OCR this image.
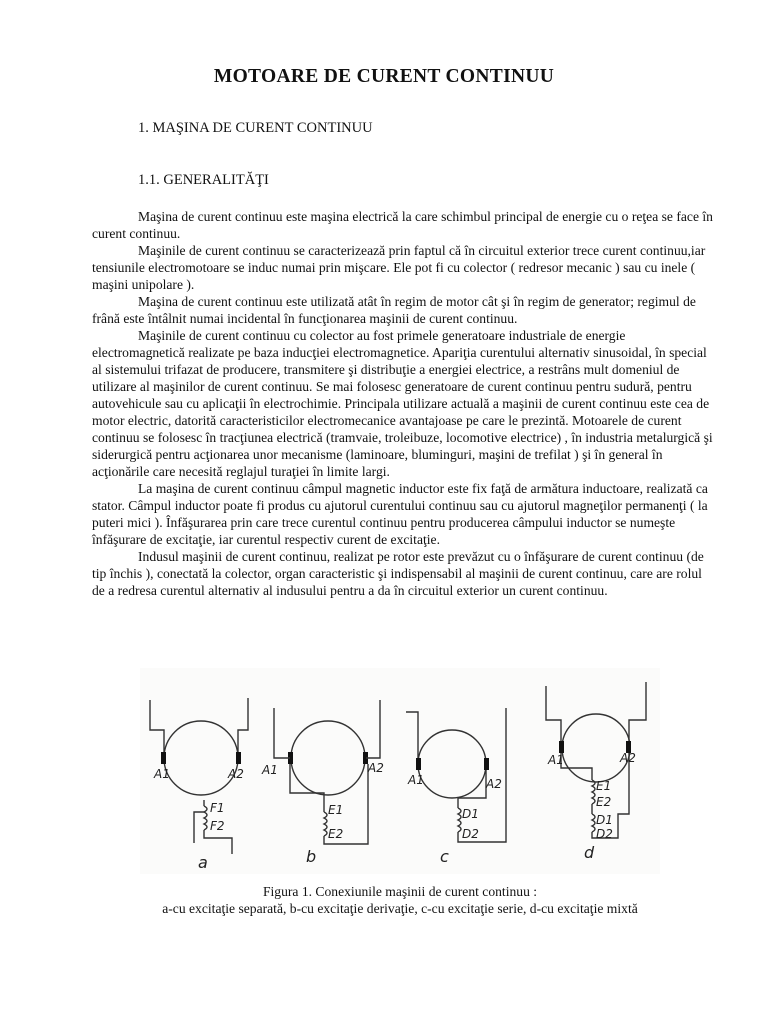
MOTOARE DE CURENT CONTINUU
1. MAŞINA DE CURENT CONTINUU
1.1. GENERALITĂŢI

Maşina de curent continuu este maşina electrică la care schimbul principal de energie cu o reţea se face în curent continuu.

Maşinile de curent continuu se caracterizează prin faptul că în circuitul exterior trece curent continuu,iar tensiunile electromotoare se induc numai prin mişcare. Ele pot fi cu colector ( redresor mecanic ) sau cu inele ( maşini unipolare ).

Maşina de curent continuu este utilizată atât în regim de motor cât şi în regim de generator; regimul de frână este întâlnit numai incidental în funcţionarea maşinii de curent continuu.

Maşinile de curent continuu cu colector au fost primele generatoare industriale de energie electromagnetică realizate pe baza inducţiei electromagnetice. Apariţia curentului alternativ sinusoidal, în special al sistemului trifazat de producere, transmitere şi distribuţie a energiei electrice, a restrâns mult domeniul de utilizare al maşinilor de curent continuu. Se mai folosesc generatoare de curent continuu pentru sudură, pentru autovehicule sau cu aplicaţii în electrochimie. Principala utilizare actuală a maşinii de curent continuu este cea de motor electric, datorită caracteristicilor electromecanice avantajoase pe care le prezintă. Motoarele de curent continuu se folosesc în tracţiunea electrică (tramvaie, troleibuze, locomotive electrice) , în industria metalurgică şi siderurgică pentru acţionarea unor mecanisme (laminoare, bluminguri, maşini de trefilat ) şi în general în acţionările care necesită reglajul turaţiei în limite largi.

La maşina de curent continuu câmpul magnetic inductor este fix faţă de armătura inductoare, realizată ca stator. Câmpul inductor poate fi produs cu ajutorul curentului continuu sau cu ajutorul magneţilor permanenţi ( la puteri mici ). Înfăşurarea prin care trece curentul continuu pentru producerea câmpului inductor se numeşte înfăşurare de excitaţie, iar curentul respectiv curent de excitaţie.

Indusul maşinii de curent continuu, realizat pe rotor este prevăzut cu o înfăşurare de curent continuu (de tip închis ), conectată la colector, organ caracteristic şi indispensabil al maşinii de curent continuu, care are rolul de a redresa curentul alternativ al indusului pentru a da în circuitul exterior un curent continuu.

A1	A2
F1
F2
a
A1	A2
E1
E2
b
A1	A2
D1
D2
c
A1	A2
E1
E2
D1
D2
d
Figura 1. Conexiunile maşinii de curent continuu :
a-cu excitaţie separată, b-cu excitaţie derivaţie, c-cu excitaţie serie, d-cu excitaţie mixtă
